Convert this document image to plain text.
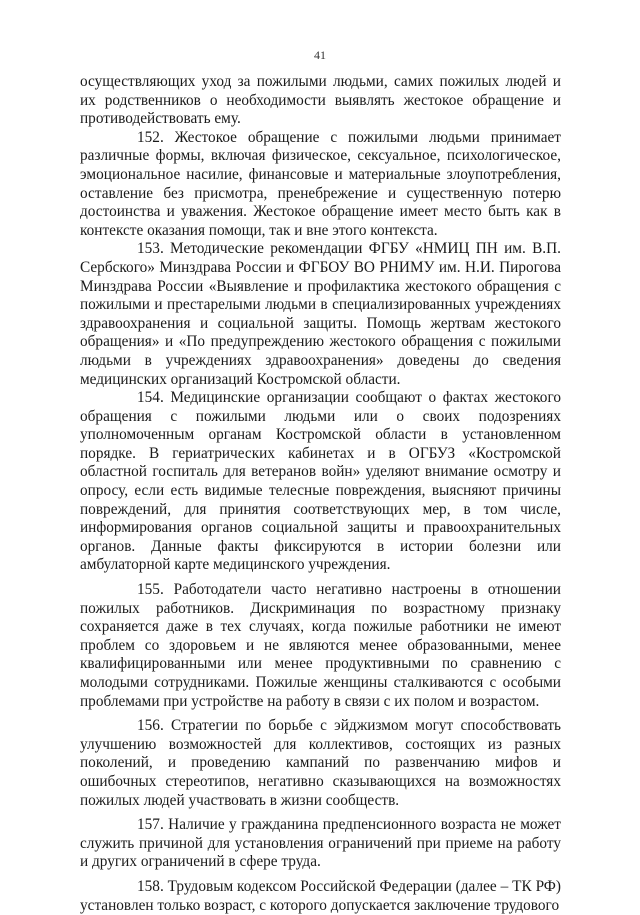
41

осуществляющих уход за пожилыми людьми, самих пожилых людей и их родственников о необходимости выявлять жестокое обращение и противодействовать ему.

152. Жестокое обращение с пожилыми людьми принимает различные формы, включая физическое, сексуальное, психологическое, эмоциональное насилие, финансовые и материальные злоупотребления, оставление без присмотра, пренебрежение и существенную потерю достоинства и уважения. Жестокое обращение имеет место быть как в контексте оказания помощи, так и вне этого контекста.

153. Методические рекомендации ФГБУ «НМИЦ ПН им. В.П. Сербского» Минздрава России и ФГБОУ ВО РНИМУ им. Н.И. Пирогова Минздрава России «Выявление и профилактика жестокого обращения с пожилыми и престарелыми людьми в специализированных учреждениях здравоохранения и социальной защиты. Помощь жертвам жестокого обращения» и «По предупреждению жестокого обращения с пожилыми людьми в учреждениях здравоохранения» доведены до сведения медицинских организаций Костромской области.

154. Медицинские организации сообщают о фактах жестокого обращения с пожилыми людьми или о своих подозрениях уполномоченным органам Костромской области в установленном порядке. В гериатрических кабинетах и в ОГБУЗ «Костромской областной госпиталь для ветеранов войн» уделяют внимание осмотру и опросу, если есть видимые телесные повреждения, выясняют причины повреждений, для принятия соответствующих мер, в том числе, информирования органов социальной защиты и правоохранительных органов. Данные факты фиксируются в истории болезни или амбулаторной карте медицинского учреждения.

155. Работодатели часто негативно настроены в отношении пожилых работников. Дискриминация по возрастному признаку сохраняется даже в тех случаях, когда пожилые работники не имеют проблем со здоровьем и не являются менее образованными, менее квалифицированными или менее продуктивными по сравнению с молодыми сотрудниками. Пожилые женщины сталкиваются с особыми проблемами при устройстве на работу в связи с их полом и возрастом.

156. Стратегии по борьбе с эйджизмом могут способствовать улучшению возможностей для коллективов, состоящих из разных поколений, и проведению кампаний по развенчанию мифов и ошибочных стереотипов, негативно сказывающихся на возможностях пожилых людей участвовать в жизни сообществ.

157. Наличие у гражданина предпенсионного возраста не может служить причиной для установления ограничений при приеме на работу и других ограничений в сфере труда.

158. Трудовым кодексом Российской Федерации (далее – ТК РФ) установлен только возраст, с которого допускается заключение трудового
